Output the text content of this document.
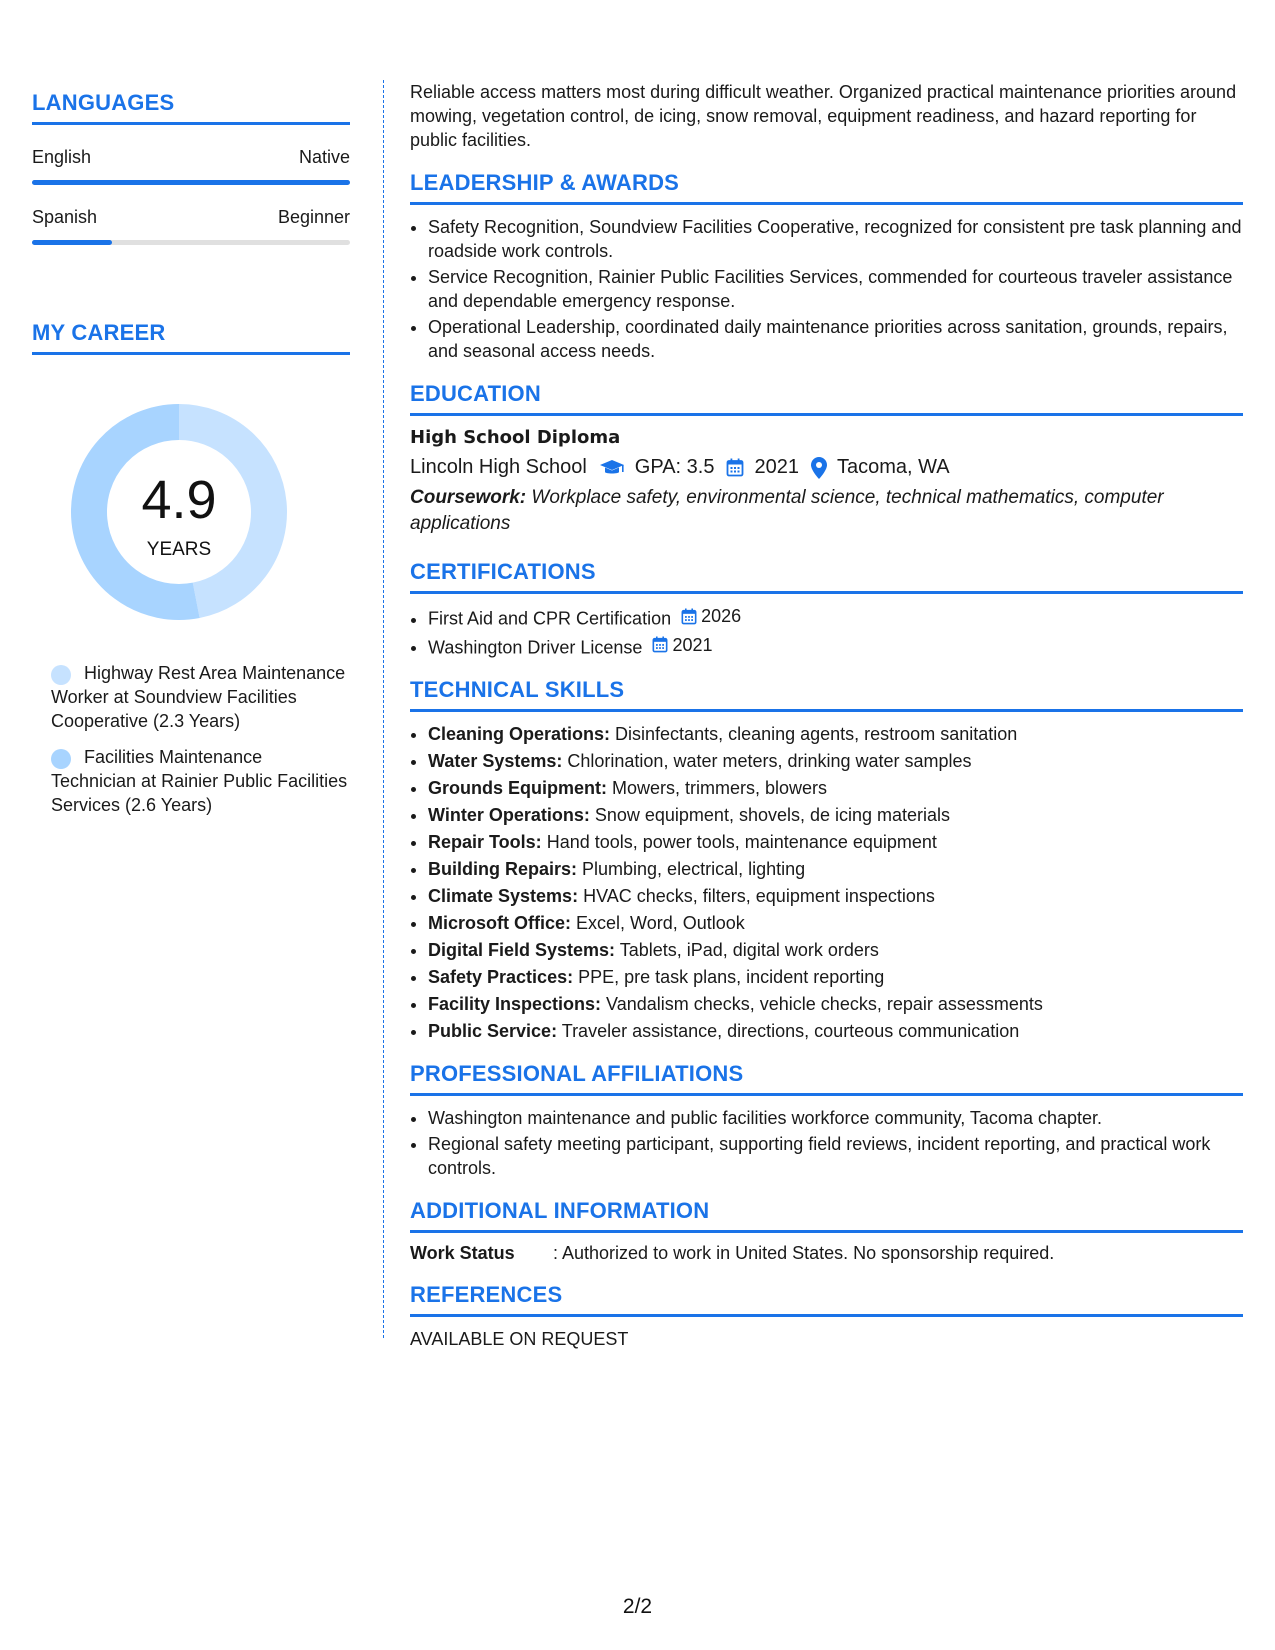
LANGUAGES
English	Native
Spanish	Beginner
MY CAREER
4.9
YEARS
Highway Rest Area Maintenance Worker at Soundview Facilities Cooperative (2.3 Years)
Facilities Maintenance Technician at Rainier Public Facilities Services (2.6 Years)

Reliable access matters most during difficult weather. Organized practical maintenance priorities around mowing, vegetation control, de icing, snow removal, equipment readiness, and hazard reporting for public facilities.

LEADERSHIP & AWARDS
• Safety Recognition, Soundview Facilities Cooperative, recognized for consistent pre task planning and roadside work controls.
• Service Recognition, Rainier Public Facilities Services, commended for courteous traveler assistance and dependable emergency response.
• Operational Leadership, coordinated daily maintenance priorities across sanitation, grounds, repairs, and seasonal access needs.
EDUCATION
High School Diploma
Lincoln High School GPA: 3.5 2021 Tacoma, WA
Coursework: Workplace safety, environmental science, technical mathematics, computer applications
CERTIFICATIONS
• First Aid and CPR Certification 2026
• Washington Driver License 2021
TECHNICAL SKILLS
• Cleaning Operations: Disinfectants, cleaning agents, restroom sanitation
• Water Systems: Chlorination, water meters, drinking water samples
• Grounds Equipment: Mowers, trimmers, blowers
• Winter Operations: Snow equipment, shovels, de icing materials
• Repair Tools: Hand tools, power tools, maintenance equipment
• Building Repairs: Plumbing, electrical, lighting
• Climate Systems: HVAC checks, filters, equipment inspections
• Microsoft Office: Excel, Word, Outlook
• Digital Field Systems: Tablets, iPad, digital work orders
• Safety Practices: PPE, pre task plans, incident reporting
• Facility Inspections: Vandalism checks, vehicle checks, repair assessments
• Public Service: Traveler assistance, directions, courteous communication
PROFESSIONAL AFFILIATIONS
• Washington maintenance and public facilities workforce community, Tacoma chapter.
• Regional safety meeting participant, supporting field reviews, incident reporting, and practical work controls.
ADDITIONAL INFORMATION
Work Status	: Authorized to work in United States. No sponsorship required.
REFERENCES
AVAILABLE ON REQUEST
2/2
